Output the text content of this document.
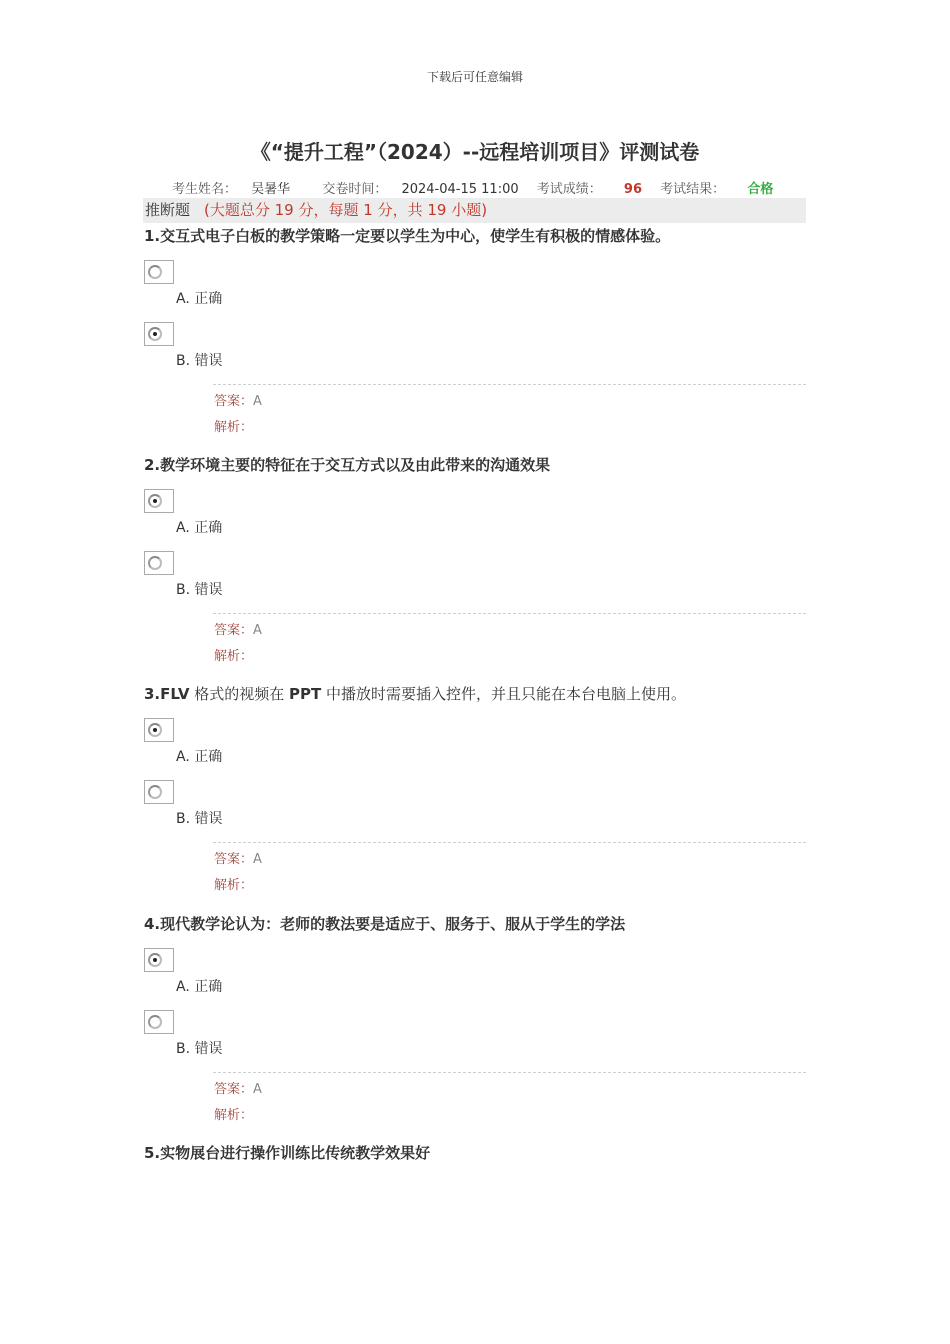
下载后可任意编辑
《“提升工程”（2024）--远程培训项目》评测试卷
考生姓名： 吴暑华 交卷时间： 2024-04-15 11:00 考试成绩： 96 考试结果： 合格
推断题 (大题总分 19 分，每题 1 分，共 19 小题)
1.交互式电子白板的教学策略一定要以学生为中心，使学生有积极的情感体验。
A. 正确
B. 错误
答案：A
解析：
2.教学环境主要的特征在于交互方式以及由此带来的沟通效果
A. 正确
B. 错误
答案：A
解析：
3.FLV 格式的视频在 PPT 中播放时需要插入控件，并且只能在本台电脑上使用。
A. 正确
B. 错误
答案：A
解析：
4.现代教学论认为：老师的教法要是适应于、服务于、服从于学生的学法
A. 正确
B. 错误
答案：A
解析：
5.实物展台进行操作训练比传统教学效果好
